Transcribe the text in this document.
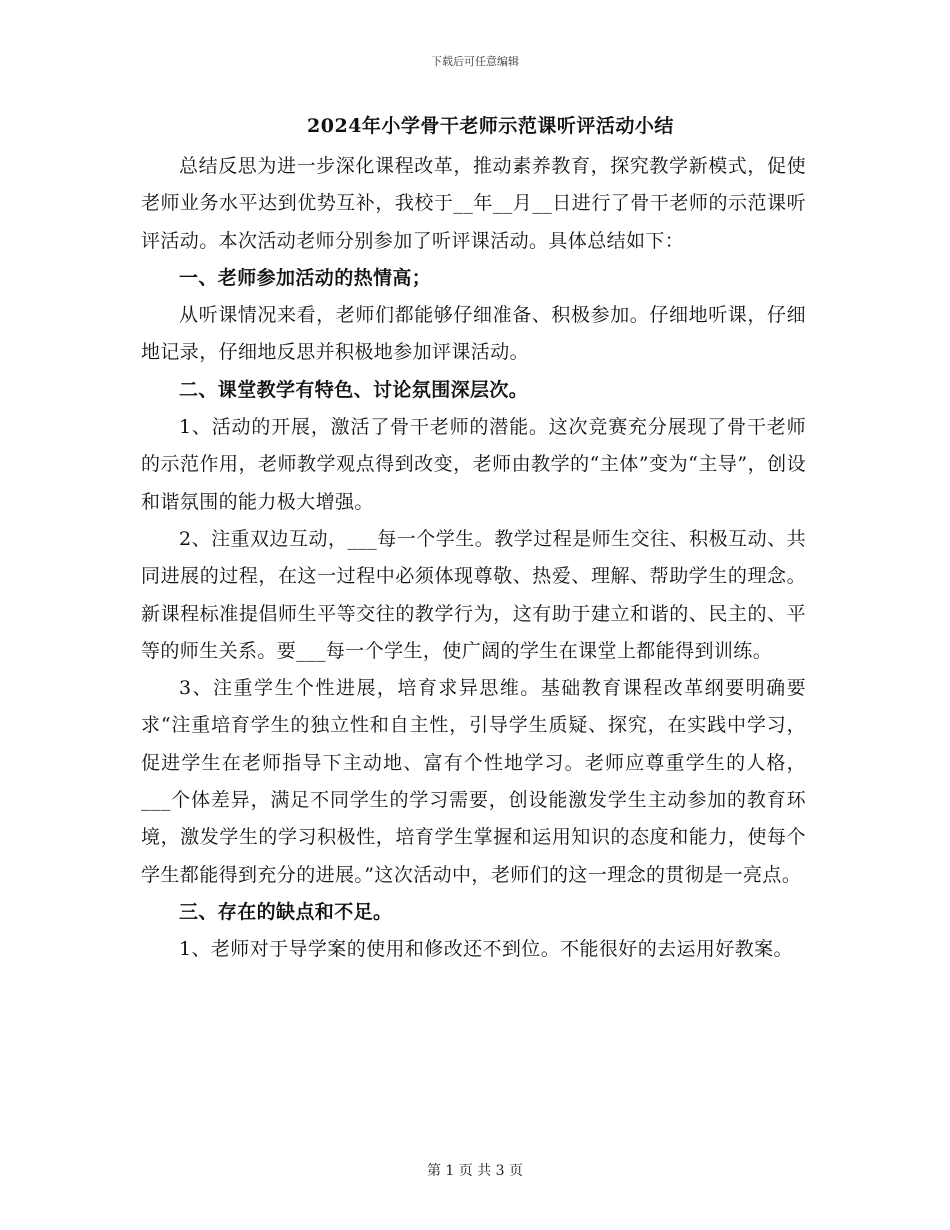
下载后可任意编辑
2024年小学骨干老师示范课听评活动小结

总结反思为进一步深化课程改革，推动素养教育，探究教学新模式，促使老师业务水平达到优势互补，我校于__年__月__日进行了骨干老师的示范课听评活动。本次活动老师分别参加了听评课活动。具体总结如下：

一、老师参加活动的热情高；

从听课情况来看，老师们都能够仔细准备、积极参加。仔细地听课，仔细地记录，仔细地反思并积极地参加评课活动。

二、课堂教学有特色、讨论氛围深层次。

1、活动的开展，激活了骨干老师的潜能。这次竞赛充分展现了骨干老师的示范作用，老师教学观点得到改变，老师由教学的“主体”变为“主导”，创设和谐氛围的能力极大增强。

2、注重双边互动，___每一个学生。教学过程是师生交往、积极互动、共同进展的过程，在这一过程中必须体现尊敬、热爱、理解、帮助学生的理念。新课程标准提倡师生平等交往的教学行为，这有助于建立和谐的、民主的、平等的师生关系。要___每一个学生，使广阔的学生在课堂上都能得到训练。

3、注重学生个性进展，培育求异思维。基础教育课程改革纲要明确要求“注重培育学生的独立性和自主性，引导学生质疑、探究，在实践中学习，促进学生在老师指导下主动地、富有个性地学习。老师应尊重学生的人格，___个体差异，满足不同学生的学习需要，创设能激发学生主动参加的教育环境，激发学生的学习积极性，培育学生掌握和运用知识的态度和能力，使每个学生都能得到充分的进展。”这次活动中，老师们的这一理念的贯彻是一亮点。

三、存在的缺点和不足。

1、老师对于导学案的使用和修改还不到位。不能很好的去运用好教案。

第 1 页 共 3 页
